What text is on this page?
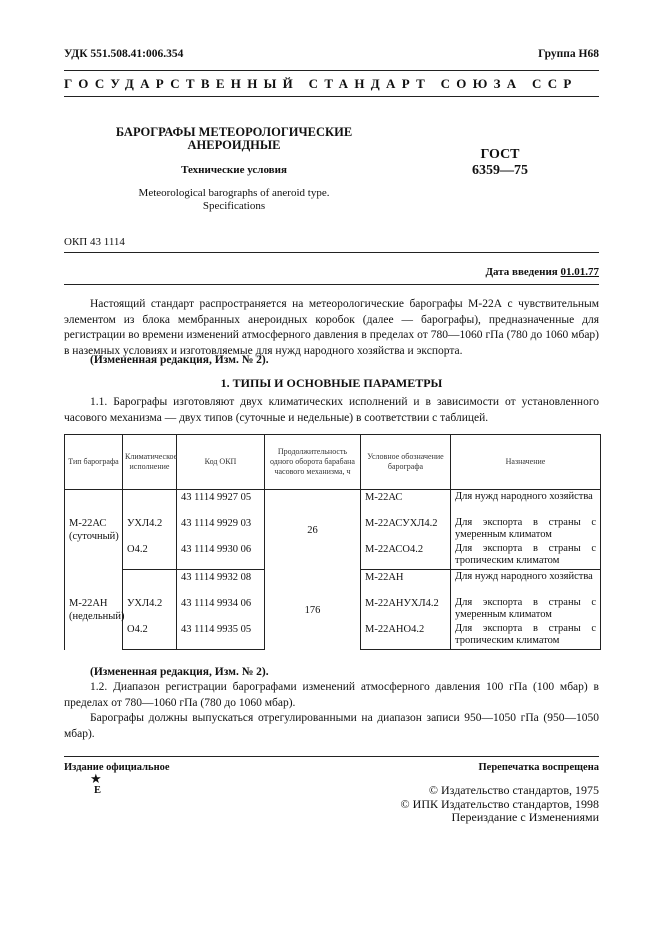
УДК 551.508.41:006.354	Группа Н68
ГОСУДАРСТВЕННЫЙ СТАНДАРТ СОЮЗА ССР
БАРОГРАФЫ МЕТЕОРОЛОГИЧЕСКИЕ
АНЕРОИДНЫЕ
Технические условия
Meteorological barographs of aneroid type.
Specifications
ГОСТ
6359—75
ОКП 43 1114
Дата введения 01.01.77
Настоящий стандарт распространяется на метеорологические барографы М-22А с чувствительным элементом из блока мембранных анероидных коробок (далее — барографы), предназначенные для регистрации во времени изменений атмосферного давления в пределах от 780—1060 гПа (780 до 1060 мбар) в наземных условиях и изготовляемые для нужд народного хозяйства и экспорта.
(Измененная редакция, Изм. № 2).
1. ТИПЫ И ОСНОВНЫЕ ПАРАМЕТРЫ
1.1. Барографы изготовляют двух климатических исполнений и в зависимости от установленного часового механизма — двух типов (суточные и недельные) в соответствии с таблицей.
Тип барографа	Климатическое исполнение	Код ОКП	Продолжительность одного оборота барабана часового механизма, ч	Условное обозначение барографа	Назначение

М-22АС
(суточный)		43 1114 9927 05	26	М-22АС	Для нужд народного хозяйства
	УХЛ4.2	43 1114 9929 03		М-22АСУХЛ4.2	Для экспорта в страны с умеренным климатом
	О4.2	43 1114 9930 06		М-22АСО4.2	Для экспорта в страны с тропическим климатом

М-22АН
(недельный)		43 1114 9932 08	176	М-22АН	Для нужд народного хозяйства
	УХЛ4.2	43 1114 9934 06		М-22АНУХЛ4.2	Для экспорта в страны с умеренным климатом
	О4.2	43 1114 9935 05		М-22АНО4.2	Для экспорта в страны с тропическим климатом
(Измененная редакция, Изм. № 2).
1.2. Диапазон регистрации барографами изменений атмосферного давления 100 гПа (100 мбар) в пределах от 780—1060 гПа (780 до 1060 мбар).
Барографы должны выпускаться отрегулированными на диапазон записи 950—1050 гПа (950—1050 мбар).
Издание официальное	Перепечатка воспрещена
★
Е	© Издательство стандартов, 1975
© ИПК Издательство стандартов, 1998
Переиздание с Изменениями
